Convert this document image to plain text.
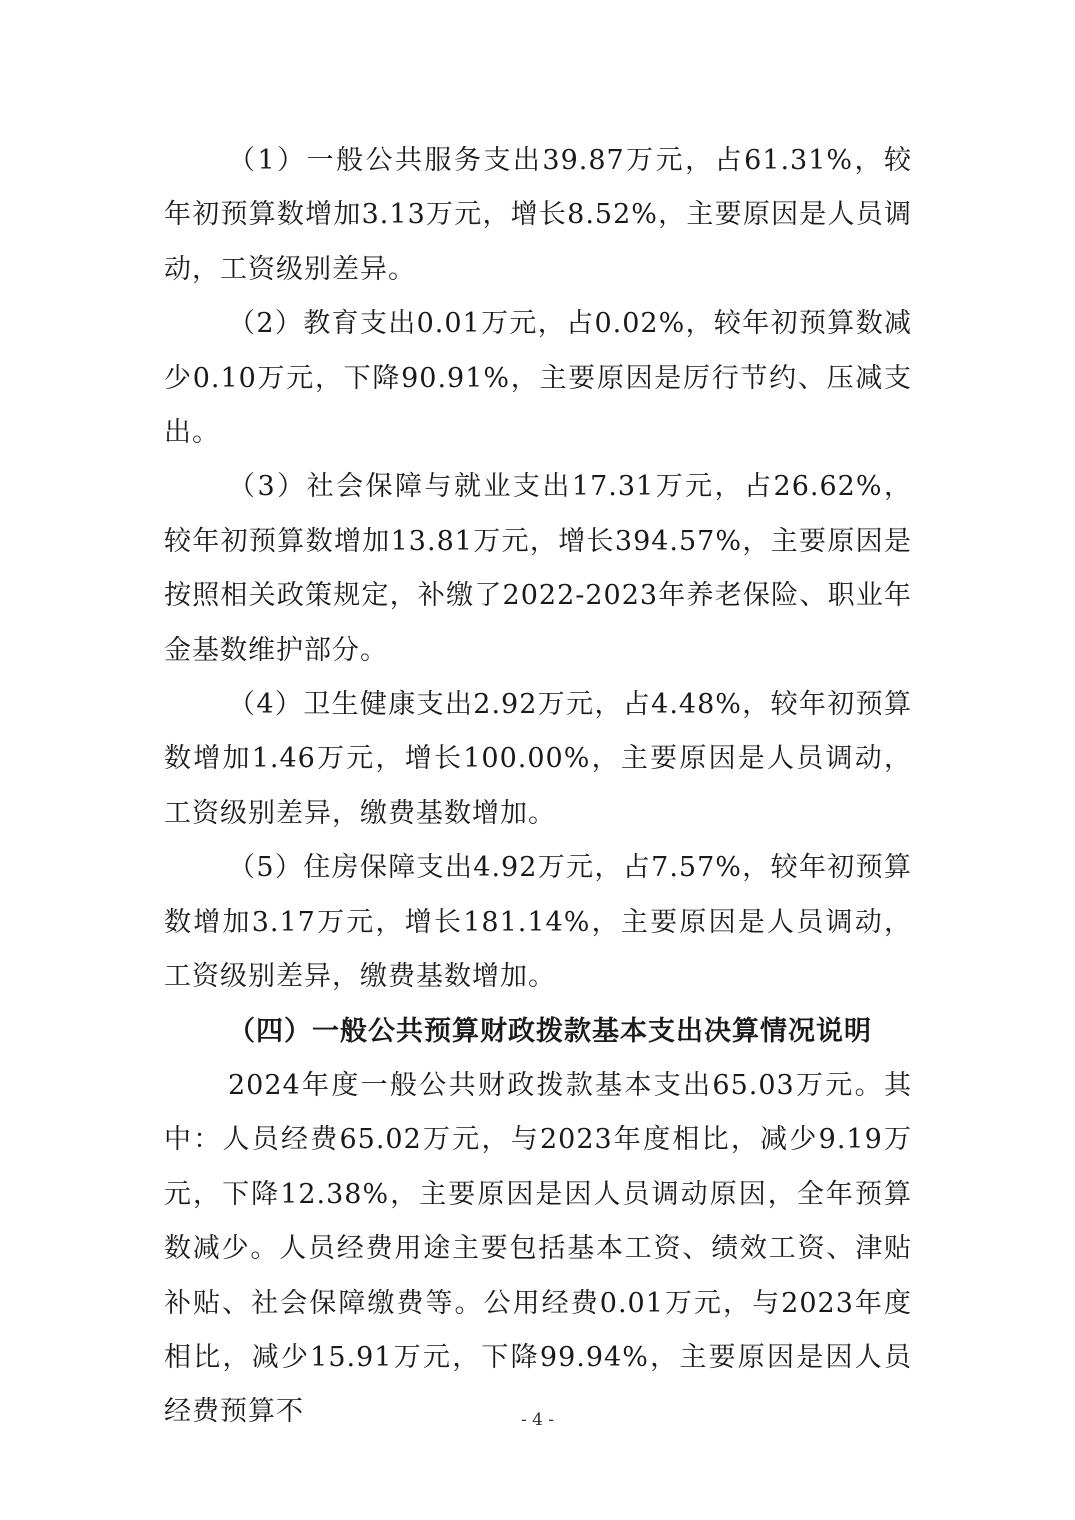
（1）一般公共服务支出39.87万元，占61.31%，较年初预算数增加3.13万元，增长8.52%，主要原因是人员调动，工资级别差异。

（2）教育支出0.01万元，占0.02%，较年初预算数减少0.10万元，下降90.91%，主要原因是厉行节约、压减支出。

（3）社会保障与就业支出17.31万元，占26.62%，较年初预算数增加13.81万元，增长394.57%，主要原因是按照相关政策规定，补缴了2022-2023年养老保险、职业年金基数维护部分。

（4）卫生健康支出2.92万元，占4.48%，较年初预算数增加1.46万元，增长100.00%，主要原因是人员调动，工资级别差异，缴费基数增加。

（5）住房保障支出4.92万元，占7.57%，较年初预算数增加3.17万元，增长181.14%，主要原因是人员调动，工资级别差异，缴费基数增加。

（四）一般公共预算财政拨款基本支出决算情况说明

2024年度一般公共财政拨款基本支出65.03万元。其中：人员经费65.02万元，与2023年度相比，减少9.19万元，下降12.38%，主要原因是因人员调动原因，全年预算数减少。人员经费用途主要包括基本工资、绩效工资、津贴补贴、社会保障缴费等。公用经费0.01万元，与2023年度相比，减少15.91万元，下降99.94%，主要原因是因人员经费预算不	- 4 -
